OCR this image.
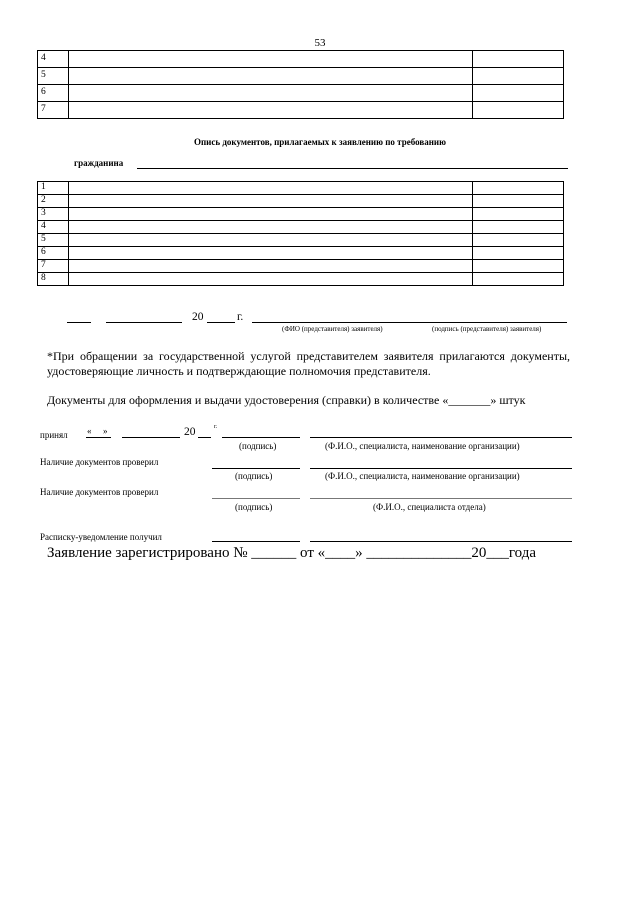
53
4		
5		
6		
7		
Опись документов, прилагаемых к заявлению по требованию
гражданина
1		
2		
3		
4		
5		
6		
7		
8		
20	г.
(ФИО (представителя) заявителя)	(подпись (представителя) заявителя)
*При обращении за государственной услугой представителем заявителя прилагаются документы, удостоверяющие личность и подтверждающие полномочия представителя.
Документы для оформления и выдачи удостоверения (справки) в количестве «_______» штук
принял « »	20	г.
(подпись)	(Ф.И.О., специалиста, наименование организации)
Наличие документов проверил
(подпись)	(Ф.И.О., специалиста, наименование организации)
Наличие документов проверил
(подпись)	(Ф.И.О., специалиста отдела)
Расписку-уведомление получил
Заявление зарегистрировано № ______ от «____» ______________20___года
